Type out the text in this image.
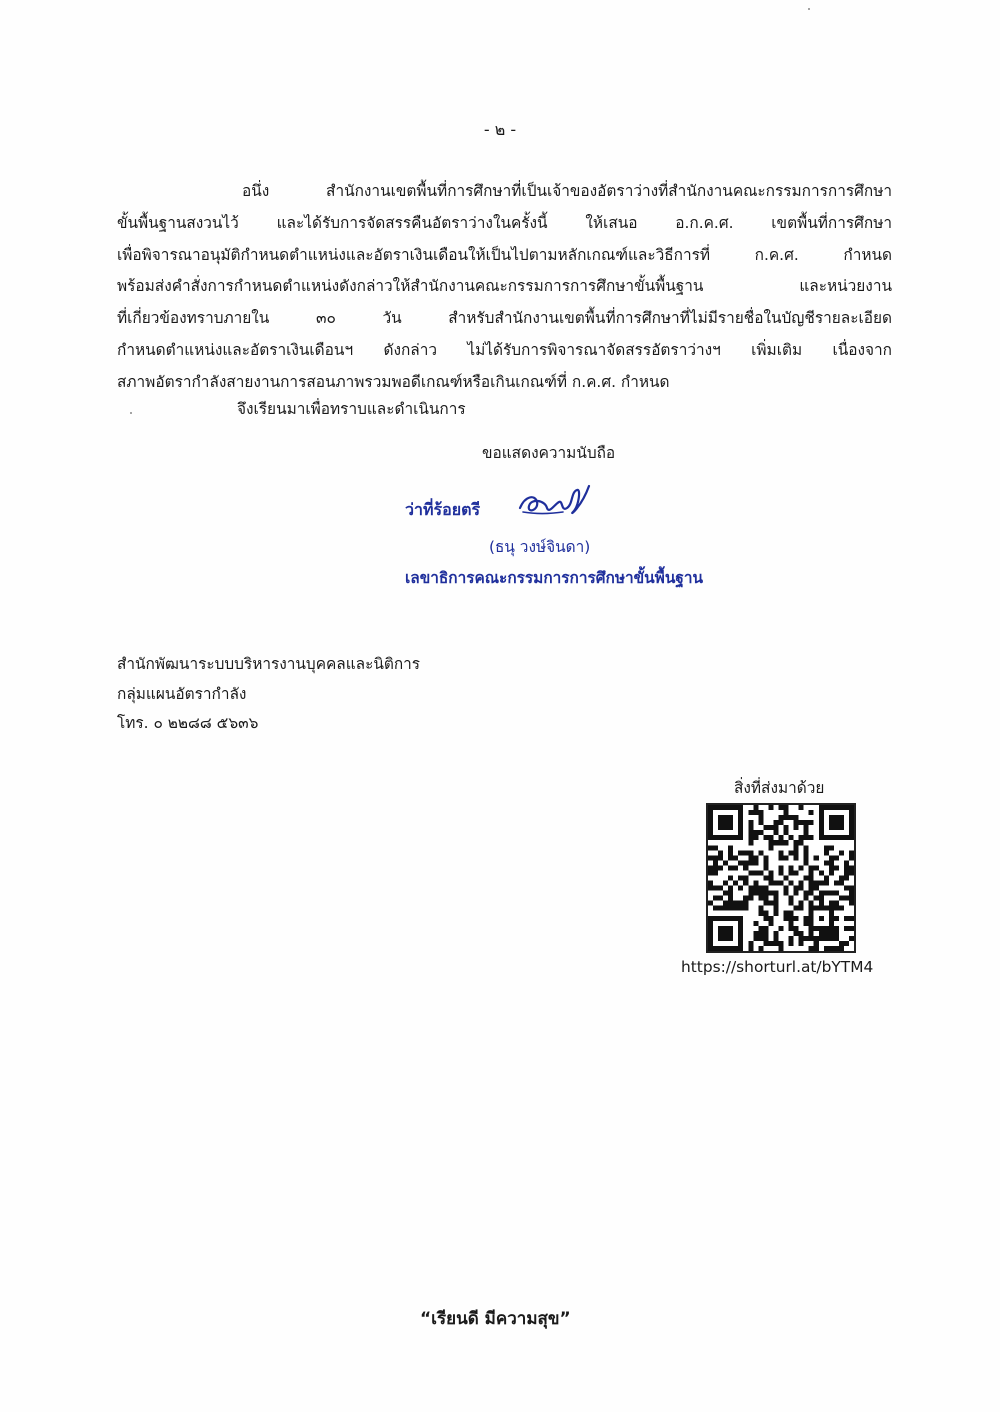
- ๒ -
อนึ่ง สำนักงานเขตพื้นที่การศึกษาที่เป็นเจ้าของอัตราว่างที่สำนักงานคณะกรรมการการศึกษา
ขั้นพื้นฐานสงวนไว้ และได้รับการจัดสรรคืนอัตราว่างในครั้งนี้ ให้เสนอ อ.ก.ค.ศ. เขตพื้นที่การศึกษา
เพื่อพิจารณาอนุมัติกำหนดตำแหน่งและอัตราเงินเดือนให้เป็นไปตามหลักเกณฑ์และวิธีการที่ ก.ค.ศ. กำหนด
พร้อมส่งคำสั่งการกำหนดตำแหน่งดังกล่าวให้สำนักงานคณะกรรมการการศึกษาขั้นพื้นฐาน และหน่วยงาน
ที่เกี่ยวข้องทราบภายใน ๓๐ วัน สำหรับสำนักงานเขตพื้นที่การศึกษาที่ไม่มีรายชื่อในบัญชีรายละเอียด
กำหนดตำแหน่งและอัตราเงินเดือนฯ ดังกล่าว ไม่ได้รับการพิจารณาจัดสรรอัตราว่างฯ เพิ่มเติม เนื่องจาก
สภาพอัตรากำลังสายงานการสอนภาพรวมพอดีเกณฑ์หรือเกินเกณฑ์ที่ ก.ค.ศ. กำหนด
จึงเรียนมาเพื่อทราบและดำเนินการ
ขอแสดงความนับถือ
ว่าที่ร้อยตรี
(ธนุ วงษ์จินดา)
เลขาธิการคณะกรรมการการศึกษาขั้นพื้นฐาน
สำนักพัฒนาระบบบริหารงานบุคคลและนิติการ
กลุ่มแผนอัตรากำลัง
โทร. ๐ ๒๒๘๘ ๕๖๓๖
สิ่งที่ส่งมาด้วย
https://shorturl.at/bYTM4
“เรียนดี มีความสุข”
